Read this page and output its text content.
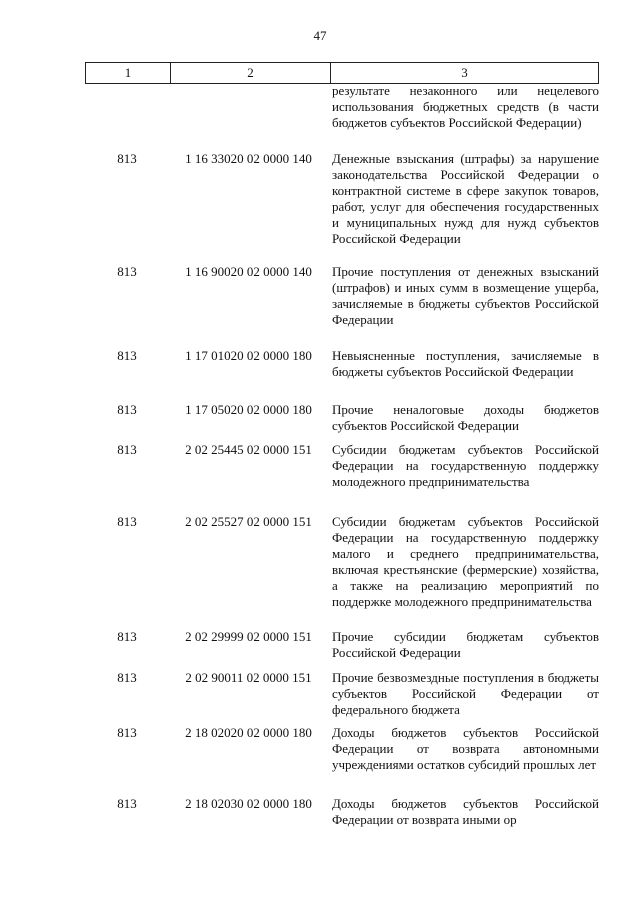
47
1	2	3
результате незаконного или нецелевого использования бюджетных средств (в части бюджетов субъектов Российской Федерации)
813	1 16 33020 02 0000 140	Денежные взыскания (штрафы) за нарушение законодательства Российской Федерации о контрактной системе в сфере закупок товаров, работ, услуг для обеспечения государственных и муниципальных нужд для нужд субъектов Российской Федерации
813	1 16 90020 02 0000 140	Прочие поступления от денежных взысканий (штрафов) и иных сумм в возмещение ущерба, зачисляемые в бюджеты субъектов Российской Федерации
813	1 17 01020 02 0000 180	Невыясненные поступления, зачисляемые в бюджеты субъектов Российской Федерации
813	1 17 05020 02 0000 180	Прочие неналоговые доходы бюджетов субъектов Российской Федерации
813	2 02 25445 02 0000 151	Субсидии бюджетам субъектов Российской Федерации на государственную поддержку молодежного предпринимательства
813	2 02 25527 02 0000 151	Субсидии бюджетам субъектов Российской Федерации на государственную поддержку малого и среднего предпринимательства, включая крестьянские (фермерские) хозяйства, а также на реализацию мероприятий по поддержке молодежного предпринимательства
813	2 02 29999 02 0000 151	Прочие субсидии бюджетам субъектов Российской Федерации
813	2 02 90011 02 0000 151	Прочие безвозмездные поступления в бюджеты субъектов Российской Федерации от федерального бюджета
813	2 18 02020 02 0000 180	Доходы бюджетов субъектов Российской Федерации от возврата автономными учреждениями остатков субсидий прошлых лет
813	2 18 02030 02 0000 180	Доходы бюджетов субъектов Российской Федерации от возврата иными ор
